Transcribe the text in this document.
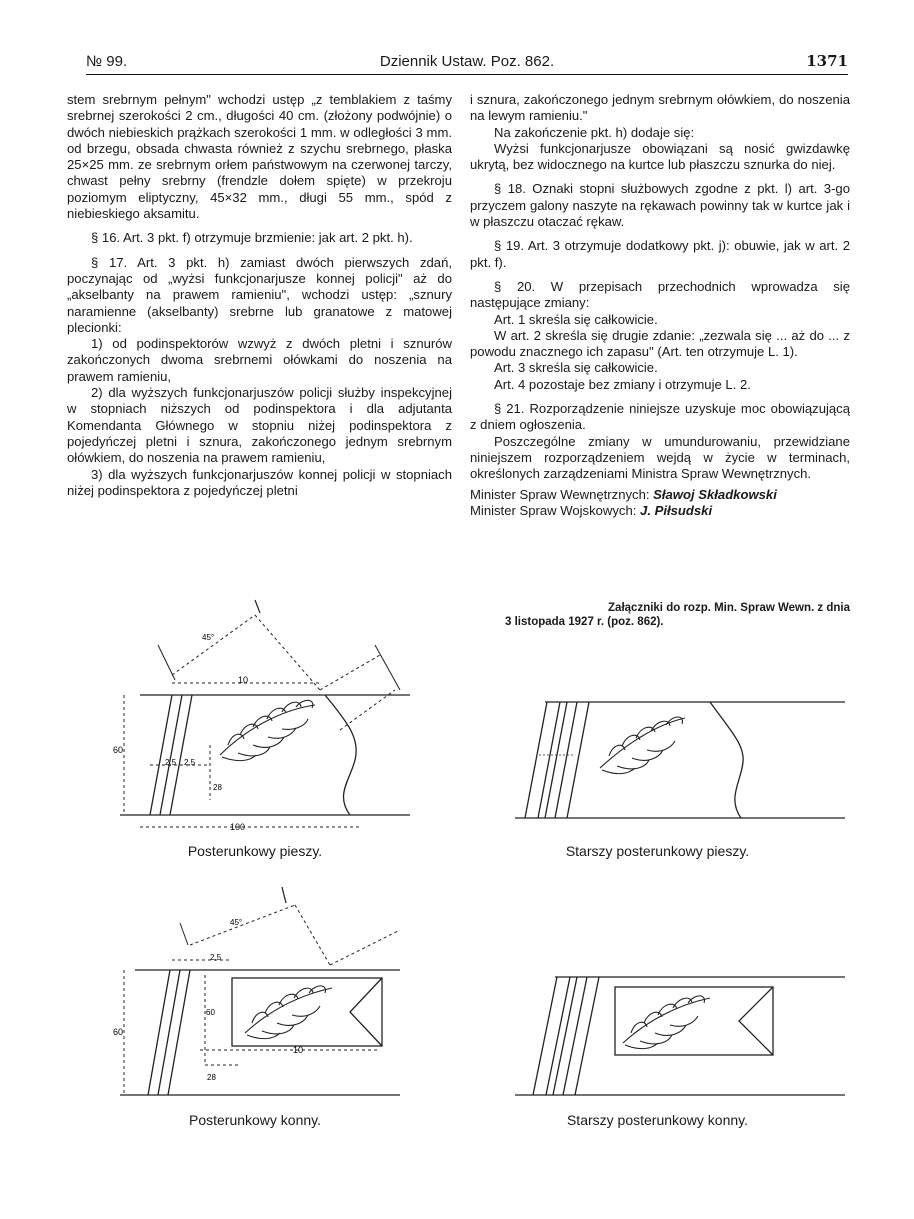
№ 99.	Dziennik Ustaw. Poz. 862.	1371

stem srebrnym pełnym" wchodzi ustęp „z temblakiem z taśmy srebrnej szerokości 2 cm., długości 40 cm. (złożony podwójnie) o dwóch niebieskich prążkach szerokości 1 mm. w odległości 3 mm. od brzegu, obsada chwasta również z szychu srebrnego, płaska 25×25 mm. ze srebrnym orłem państwowym na czerwonej tarczy, chwast pełny srebrny (frendzle dołem spięte) w przekroju poziomym eliptyczny, 45×32 mm., długi 55 mm., spód z niebieskiego aksamitu.

§ 16. Art. 3 pkt. f) otrzymuje brzmienie: jak art. 2 pkt. h).

§ 17. Art. 3 pkt. h) zamiast dwóch pierwszych zdań, poczynając od „wyżsi funkcjonarjusze konnej policji" aż do „akselbanty na prawem ramieniu", wchodzi ustęp: „sznury naramienne (akselbanty) srebrne lub granatowe z matowej plecionki:

1) od podinspektorów wzwyż z dwóch pletni i sznurów zakończonych dwoma srebrnemi ołówkami do noszenia na prawem ramieniu,

2) dla wyższych funkcjonarjuszów policji służby inspekcyjnej w stopniach niższych od podinspektora i dla adjutanta Komendanta Głównego w stopniu niżej podinspektora z pojedyńczej pletni i sznura, zakończonego jednym srebrnym ołówkiem, do noszenia na prawem ramieniu,

3) dla wyższych funkcjonarjuszów konnej policji w stopniach niżej podinspektora z pojedyńczej pletni

i sznura, zakończonego jednym srebrnym ołówkiem, do noszenia na lewym ramieniu."

Na zakończenie pkt. h) dodaje się:

Wyżsi funkcjonarjusze obowiązani są nosić gwizdawkę ukrytą, bez widocznego na kurtce lub płaszczu sznurka do niej.

§ 18. Oznaki stopni służbowych zgodne z pkt. l) art. 3-go przyczem galony naszyte na rękawach powinny tak w kurtce jak i w płaszczu otaczać rękaw.

§ 19. Art. 3 otrzymuje dodatkowy pkt. j): obuwie, jak w art. 2 pkt. f).

§ 20. W przepisach przechodnich wprowadza się następujące zmiany:

Art. 1 skreśla się całkowicie.

W art. 2 skreśla się drugie zdanie: „zezwala się ... aż do ... z powodu znacznego ich zapasu" (Art. ten otrzymuje L. 1).

Art. 3 skreśla się całkowicie.

Art. 4 pozostaje bez zmiany i otrzymuje L. 2.

§ 21. Rozporządzenie niniejsze uzyskuje moc obowiązującą z dniem ogłoszenia.

Poszczególne zmiany w umundurowaniu, przewidziane niniejszem rozporządzeniem wejdą w życie w terminach, określonych zarządzeniami Ministra Spraw Wewnętrznych.

Minister Spraw Wewnętrznych: Sławoj Składkowski
Minister Spraw Wojskowych: J. Piłsudski
Załączniki do rozp. Min. Spraw Wewn. z dnia
3 listopada 1927 r. (poz. 862).
10
60
100
45°
2,5 2,5
28
Posterunkowy pieszy.	Starszy posterunkowy pieszy.
10
60
60
45°
2,5
28
Posterunkowy konny.	Starszy posterunkowy konny.
